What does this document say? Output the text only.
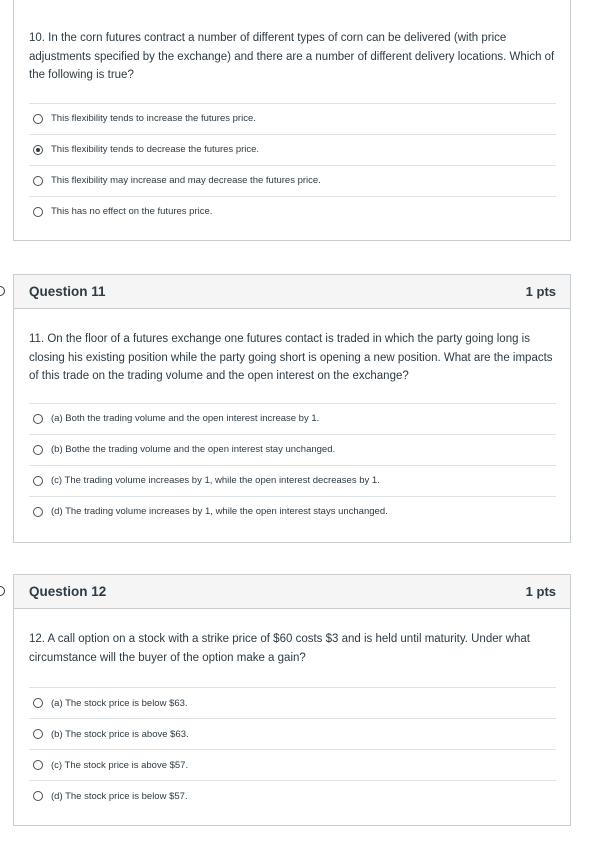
10. In the corn futures contract a number of different types of corn can be delivered (with price adjustments specified by the exchange) and there are a number of different delivery locations. Which of the following is true?
This flexibility tends to increase the futures price.
This flexibility tends to decrease the futures price.
This flexibility may increase and may decrease the futures price.
This has no effect on the futures price.
Question 11	1 pts
11. On the floor of a futures exchange one futures contact is traded in which the party going long is closing his existing position while the party going short is opening a new position. What are the impacts of this trade on the trading volume and the open interest on the exchange?
(a) Both the trading volume and the open interest increase by 1.
(b) Bothe the trading volume and the open interest stay unchanged.
(c) The trading volume increases by 1, while the open interest decreases by 1.
(d) The trading volume increases by 1, while the open interest stays unchanged.
Question 12	1 pts
12. A call option on a stock with a strike price of $60 costs $3 and is held until maturity. Under what circumstance will the buyer of the option make a gain?
(a) The stock price is below $63.
(b) The stock price is above $63.
(c) The stock price is above $57.
(d) The stock price is below $57.
